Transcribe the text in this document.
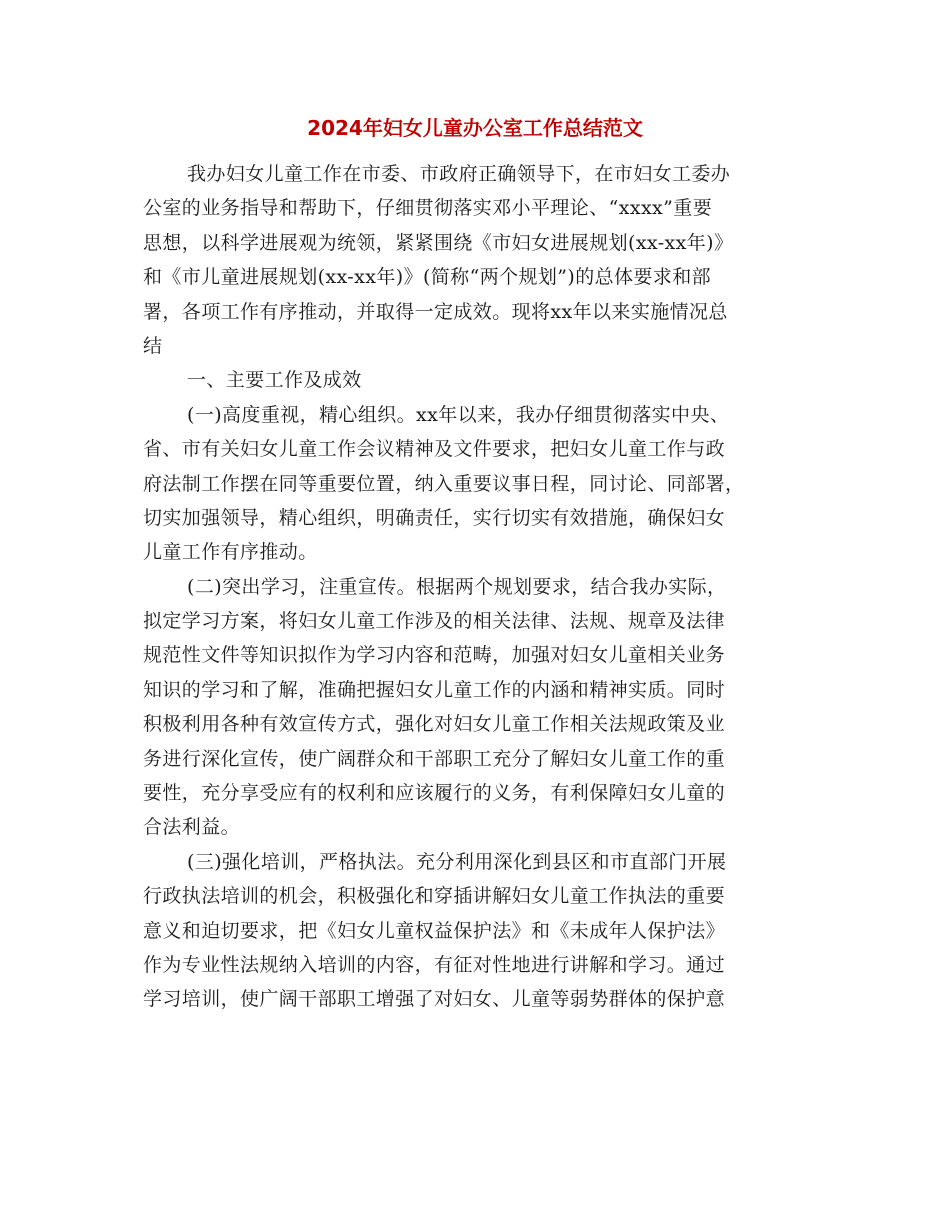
2024年妇女儿童办公室工作总结范文
我办妇女儿童工作在市委、市政府正确领导下，在市妇女工委办
公室的业务指导和帮助下，仔细贯彻落实邓小平理论、“xxxx”重要
思想，以科学进展观为统领，紧紧围绕《市妇女进展规划(xx-xx年)》
和《市儿童进展规划(xx-xx年)》(简称“两个规划”)的总体要求和部
署，各项工作有序推动，并取得一定成效。现将xx年以来实施情况总
结
一、主要工作及成效
(一)高度重视，精心组织。xx年以来，我办仔细贯彻落实中央、
省、市有关妇女儿童工作会议精神及文件要求，把妇女儿童工作与政
府法制工作摆在同等重要位置，纳入重要议事日程，同讨论、同部署，
切实加强领导，精心组织，明确责任，实行切实有效措施，确保妇女
儿童工作有序推动。
(二)突出学习，注重宣传。根据两个规划要求，结合我办实际，
拟定学习方案，将妇女儿童工作涉及的相关法律、法规、规章及法律
规范性文件等知识拟作为学习内容和范畴，加强对妇女儿童相关业务
知识的学习和了解，准确把握妇女儿童工作的内涵和精神实质。同时
积极利用各种有效宣传方式，强化对妇女儿童工作相关法规政策及业
务进行深化宣传，使广阔群众和干部职工充分了解妇女儿童工作的重
要性，充分享受应有的权利和应该履行的义务，有利保障妇女儿童的
合法利益。
(三)强化培训，严格执法。充分利用深化到县区和市直部门开展
行政执法培训的机会，积极强化和穿插讲解妇女儿童工作执法的重要
意义和迫切要求，把《妇女儿童权益保护法》和《未成年人保护法》
作为专业性法规纳入培训的内容，有征对性地进行讲解和学习。通过
学习培训，使广阔干部职工增强了对妇女、儿童等弱势群体的保护意
